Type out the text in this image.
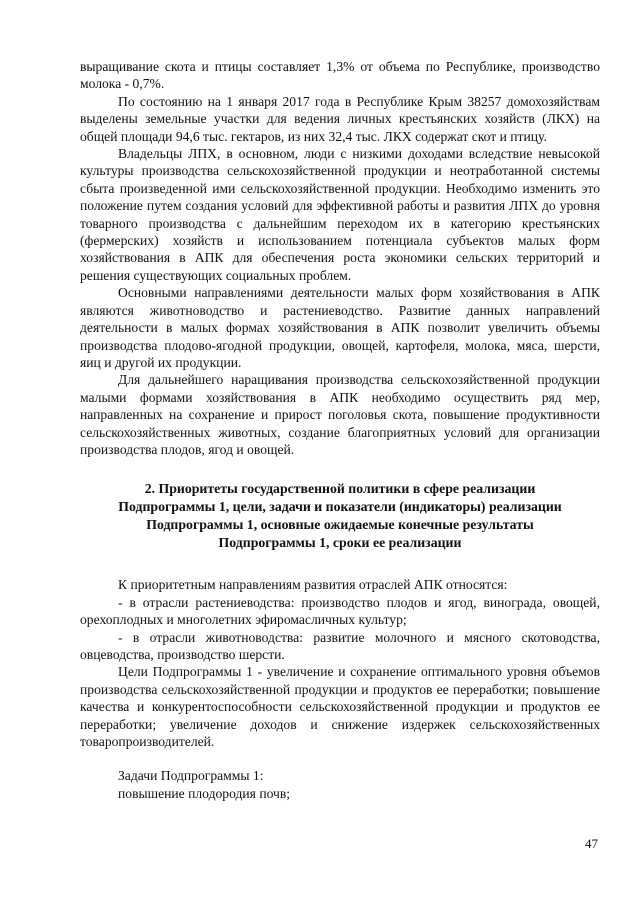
выращивание скота и птицы составляет 1,3% от объема по Республике, производство молока - 0,7%.

По состоянию на 1 января 2017 года в Республике Крым 38257 домохозяйствам выделены земельные участки для ведения личных крестьянских хозяйств (ЛКХ) на общей площади 94,6 тыс. гектаров, из них 32,4 тыс. ЛКХ содержат скот и птицу.

Владельцы ЛПХ, в основном, люди с низкими доходами вследствие невысокой культуры производства сельскохозяйственной продукции и неотработанной системы сбыта произведенной ими сельскохозяйственной продукции. Необходимо изменить это положение путем создания условий для эффективной работы и развития ЛПХ до уровня товарного производства с дальнейшим переходом их в категорию крестьянских (фермерских) хозяйств и использованием потенциала субъектов малых форм хозяйствования в АПК для обеспечения роста экономики сельских территорий и решения существующих социальных проблем.

Основными направлениями деятельности малых форм хозяйствования в АПК являются животноводство и растениеводство. Развитие данных направлений деятельности в малых формах хозяйствования в АПК позволит увеличить объемы производства плодово-ягодной продукции, овощей, картофеля, молока, мяса, шерсти, яиц и другой их продукции.

Для дальнейшего наращивания производства сельскохозяйственной продукции малыми формами хозяйствования в АПК необходимо осуществить ряд мер, направленных на сохранение и прирост поголовья скота, повышение продуктивности сельскохозяйственных животных, создание благоприятных условий для организации производства плодов, ягод и овощей.

2. Приоритеты государственной политики в сфере реализации
Подпрограммы 1, цели, задачи и показатели (индикаторы) реализации
Подпрограммы 1, основные ожидаемые конечные результаты
Подпрограммы 1, сроки ее реализации

К приоритетным направлениям развития отраслей АПК относятся:

- в отрасли растениеводства: производство плодов и ягод, винограда, овощей, орехоплодных и многолетних эфиромасличных культур;

- в отрасли животноводства: развитие молочного и мясного скотоводства, овцеводства, производство шерсти.

Цели Подпрограммы 1 - увеличение и сохранение оптимального уровня объемов производства сельскохозяйственной продукции и продуктов ее переработки; повышение качества и конкурентоспособности сельскохозяйственной продукции и продуктов ее переработки; увеличение доходов и снижение издержек сельскохозяйственных товаропроизводителей.

Задачи Подпрограммы 1:

повышение плодородия почв;

47
